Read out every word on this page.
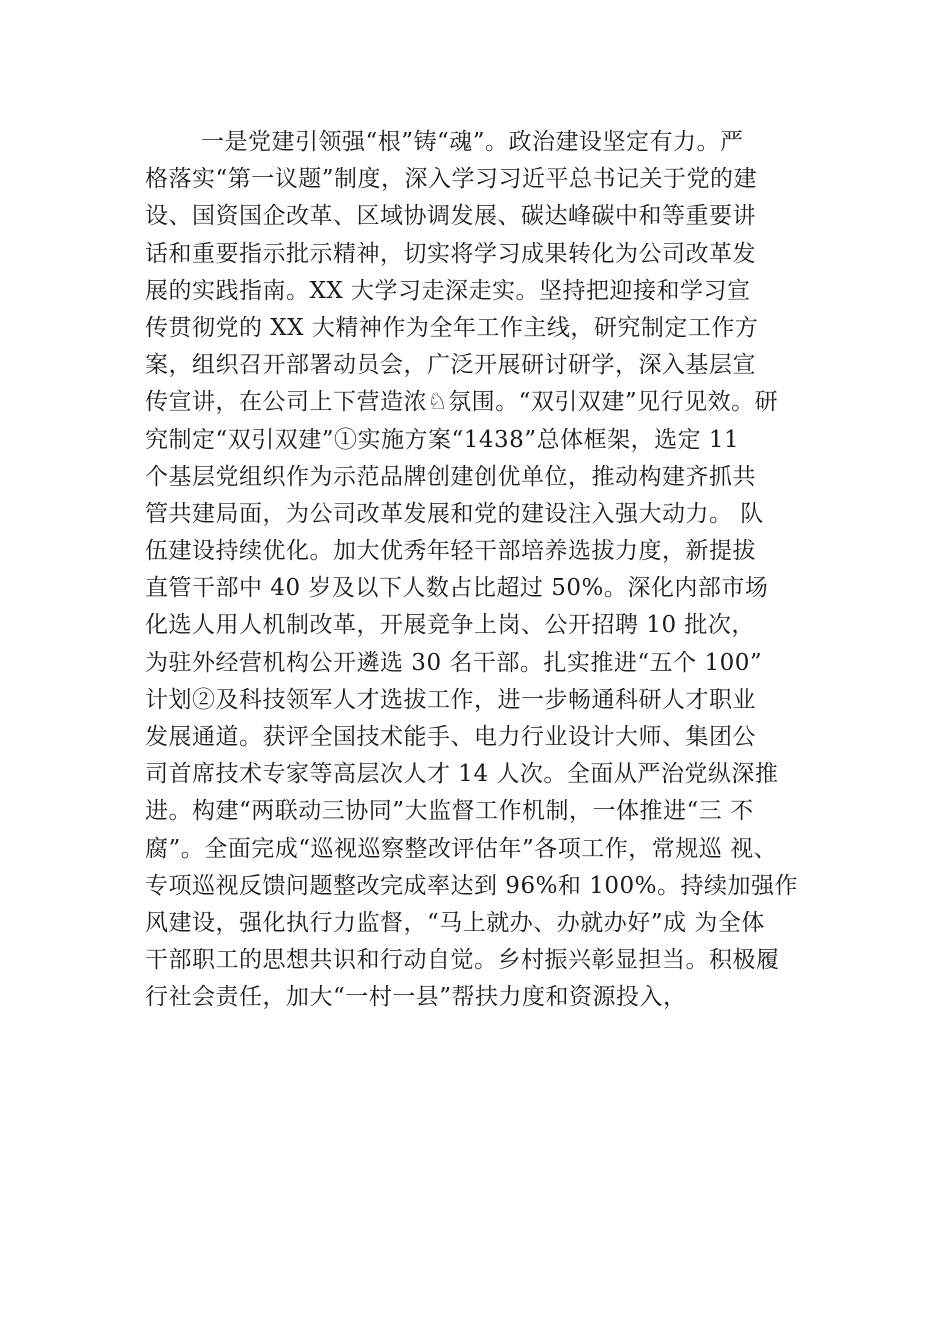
一是党建引领强“根”铸“魂”。政治建设坚定有力。严
格落实“第一议题”制度，深入学习习近平总书记关于党的建
设、国资国企改革、区域协调发展、碳达峰碳中和等重要讲
话和重要指示批示精神，切实将学习成果转化为公司改革发
展的实践指南。XX 大学习走深走实。坚持把迎接和学习宣
传贯彻党的 XX 大精神作为全年工作主线，研究制定工作方
案，组织召开部署动员会，广泛开展研讨研学，深入基层宣
传宣讲，在公司上下营造浓♘氛围。“双引双建”见行见效。研
究制定“双引双建”①实施方案“1438”总体框架，选定 11
个基层党组织作为示范品牌创建创优单位，推动构建齐抓共
管共建局面，为公司改革发展和党的建设注入强大动力。 队
伍建设持续优化。加大优秀年轻干部培养选拔力度，新提拔
直管干部中 40 岁及以下人数占比超过 50%。深化内部市场
化选人用人机制改革，开展竞争上岗、公开招聘 10 批次，
为驻外经营机构公开遴选 30 名干部。扎实推进“五个 100”
计划②及科技领军人才选拔工作，进一步畅通科研人才职业
发展通道。获评全国技术能手、电力行业设计大师、集团公
司首席技术专家等高层次人才 14 人次。全面从严治党纵深推
进。构建“两联动三协同”大监督工作机制，一体推进“三 不
腐”。全面完成“巡视巡察整改评估年”各项工作，常规巡 视、
专项巡视反馈问题整改完成率达到 96%和 100%。持续加强作
风建设，强化执行力监督，“马上就办、办就办好”成 为全体
干部职工的思想共识和行动自觉。乡村振兴彰显担当。积极履
行社会责任，加大“一村一县”帮扶力度和资源投入，
